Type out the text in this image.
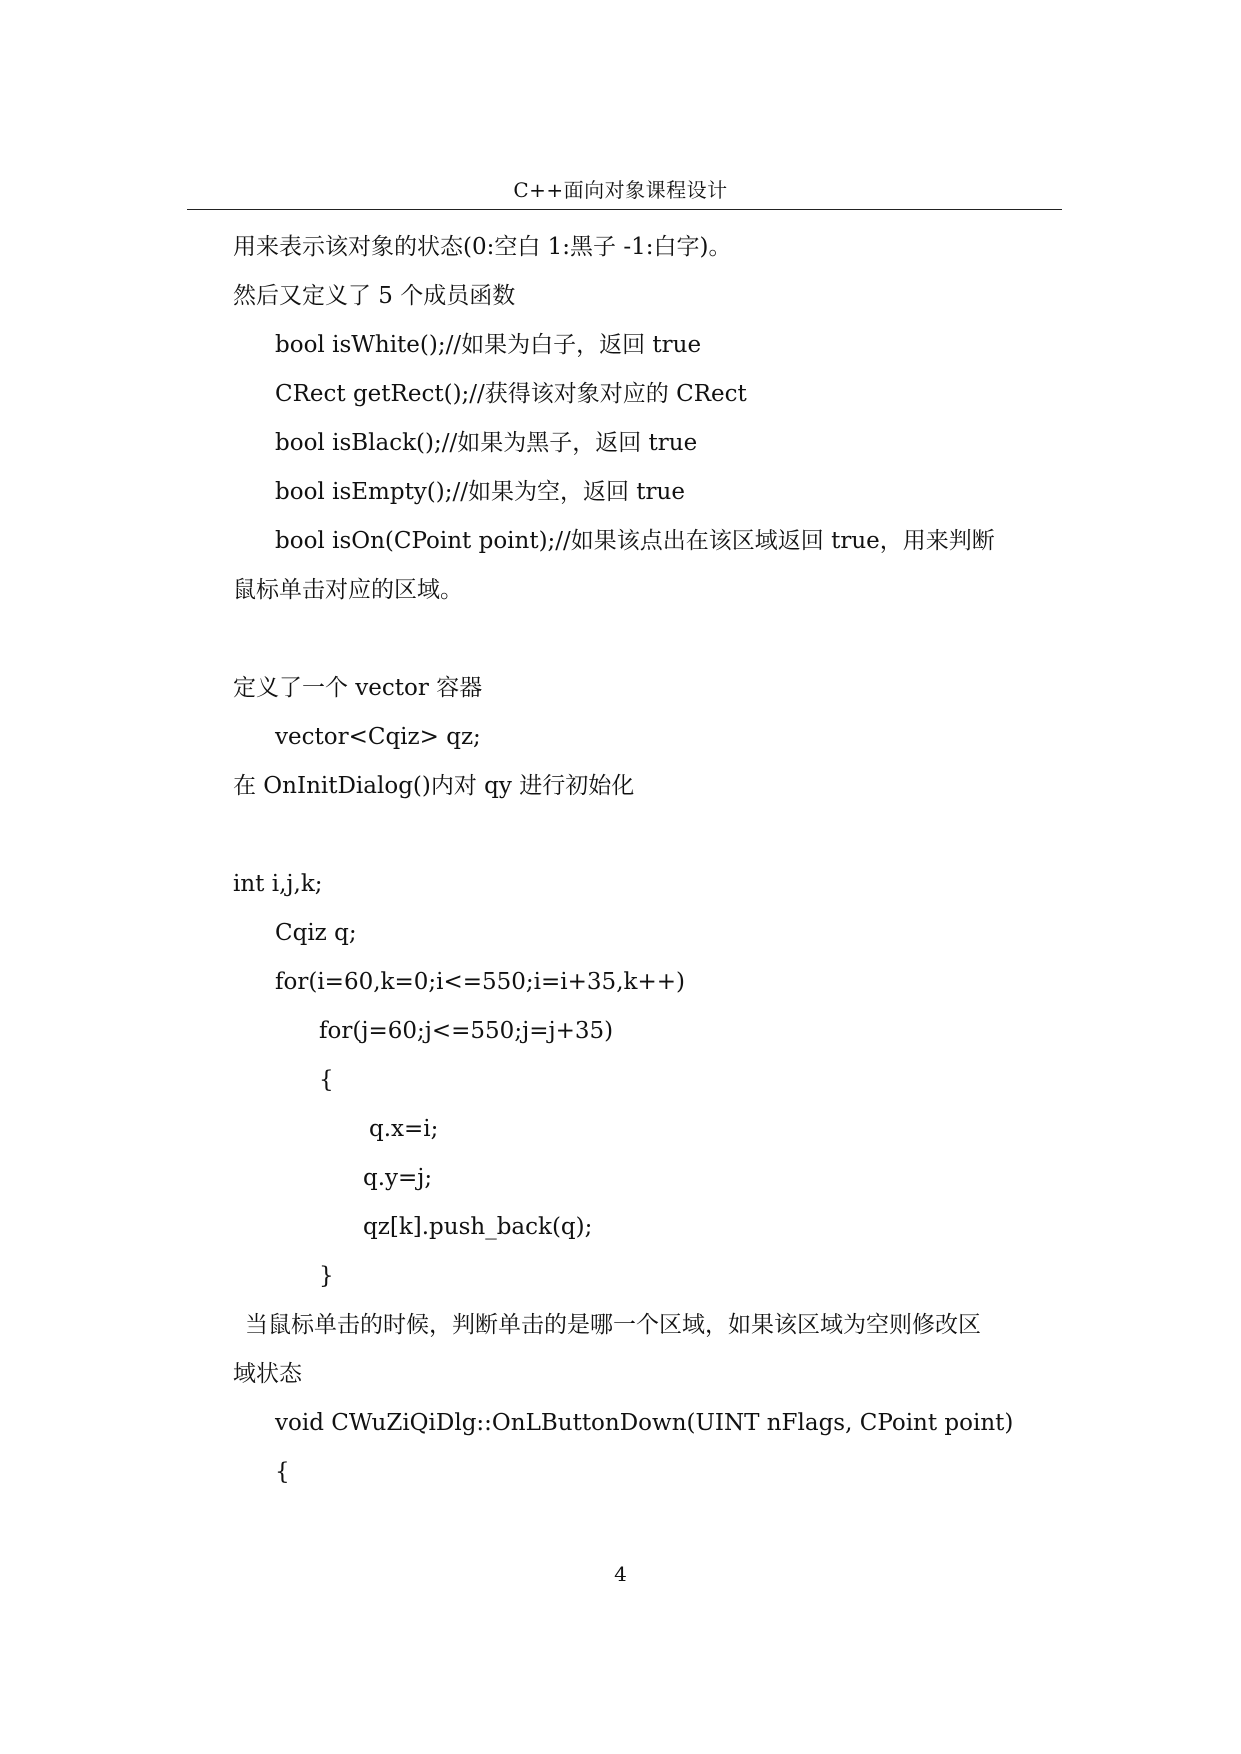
C++面向对象课程设计
用来表示该对象的状态(0:空白 1:黑子 -1:白字)。
然后又定义了 5 个成员函数
bool isWhite();//如果为白子，返回 true
CRect getRect();//获得该对象对应的 CRect
bool isBlack();//如果为黑子，返回 true
bool isEmpty();//如果为空，返回 true
bool isOn(CPoint point);//如果该点出在该区域返回 true，用来判断
鼠标单击对应的区域。
定义了一个 vector 容器
vector<Cqiz> qz;
在 OnInitDialog()内对 qy 进行初始化
int i,j,k;
Cqiz q;
for(i=60,k=0;i<=550;i=i+35,k++)
for(j=60;j<=550;j=j+35)
{
q.x=i;
q.y=j;
qz[k].push_back(q);
}
当鼠标单击的时候，判断单击的是哪一个区域，如果该区域为空则修改区
域状态
void CWuZiQiDlg::OnLButtonDown(UINT nFlags, CPoint point)
{
4
